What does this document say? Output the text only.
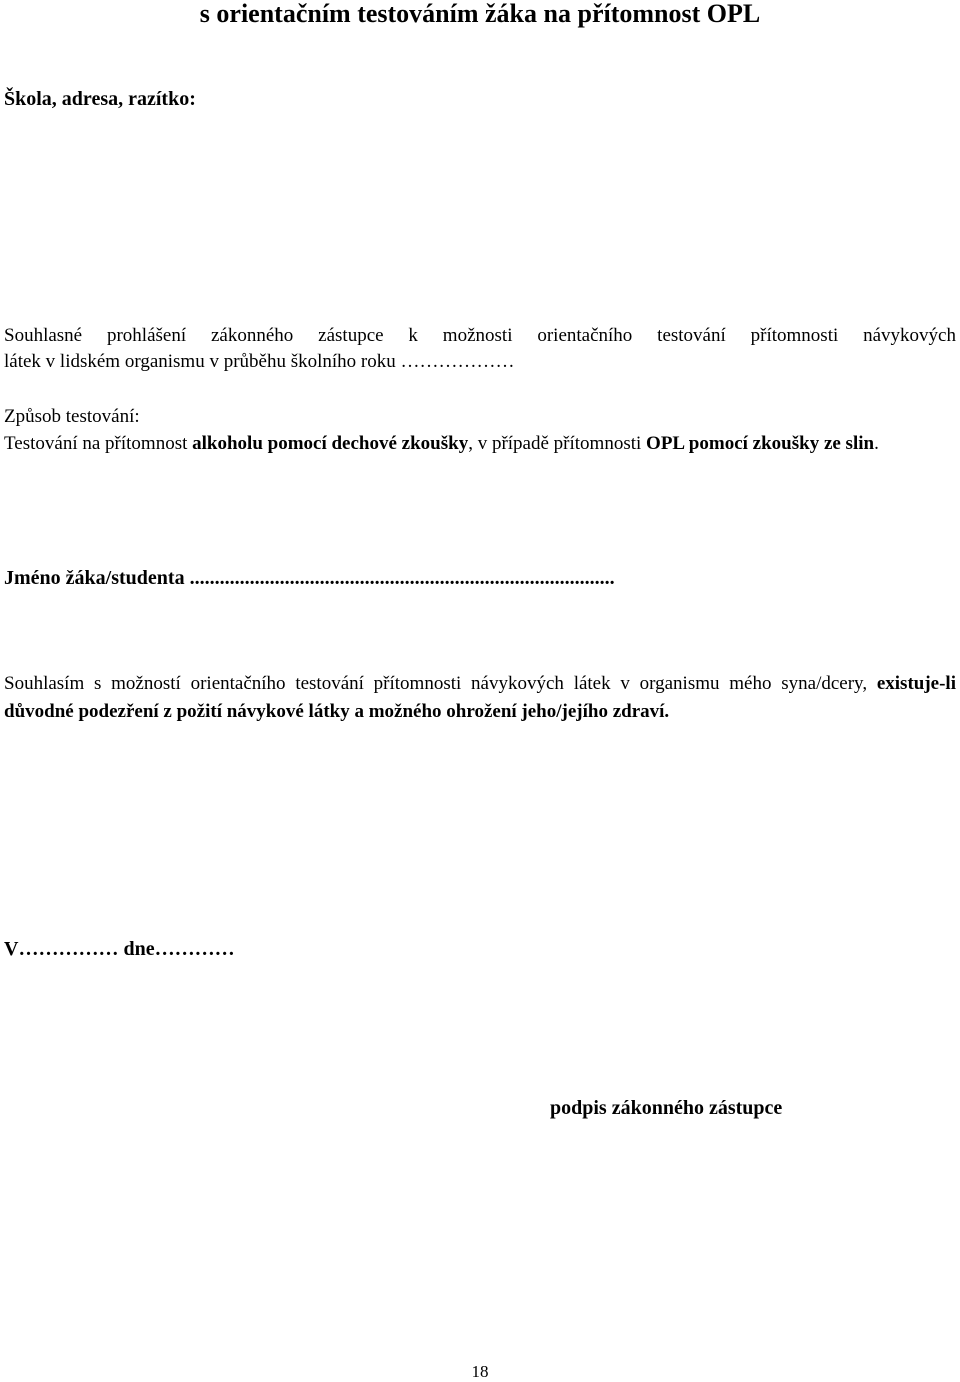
s orientačním testováním žáka na přítomnost OPL
Škola, adresa, razítko:
Souhlasné prohlášení zákonného zástupce k možnosti orientačního testování přítomnosti návykových
látek v lidském organismu v průběhu školního roku ………………
Způsob testování:
Testování na přítomnost alkoholu pomocí dechové zkoušky, v případě přítomnosti OPL pomocí zkoušky ze slin.
Jméno žáka/studenta .....................................................................................
Souhlasím s možností orientačního testování přítomnosti návykových látek v organismu mého syna/dcery, existuje-li důvodné podezření z požití návykové látky a možného ohrožení jeho/jejího zdraví.
V…………… dne…………
podpis zákonného zástupce
18
